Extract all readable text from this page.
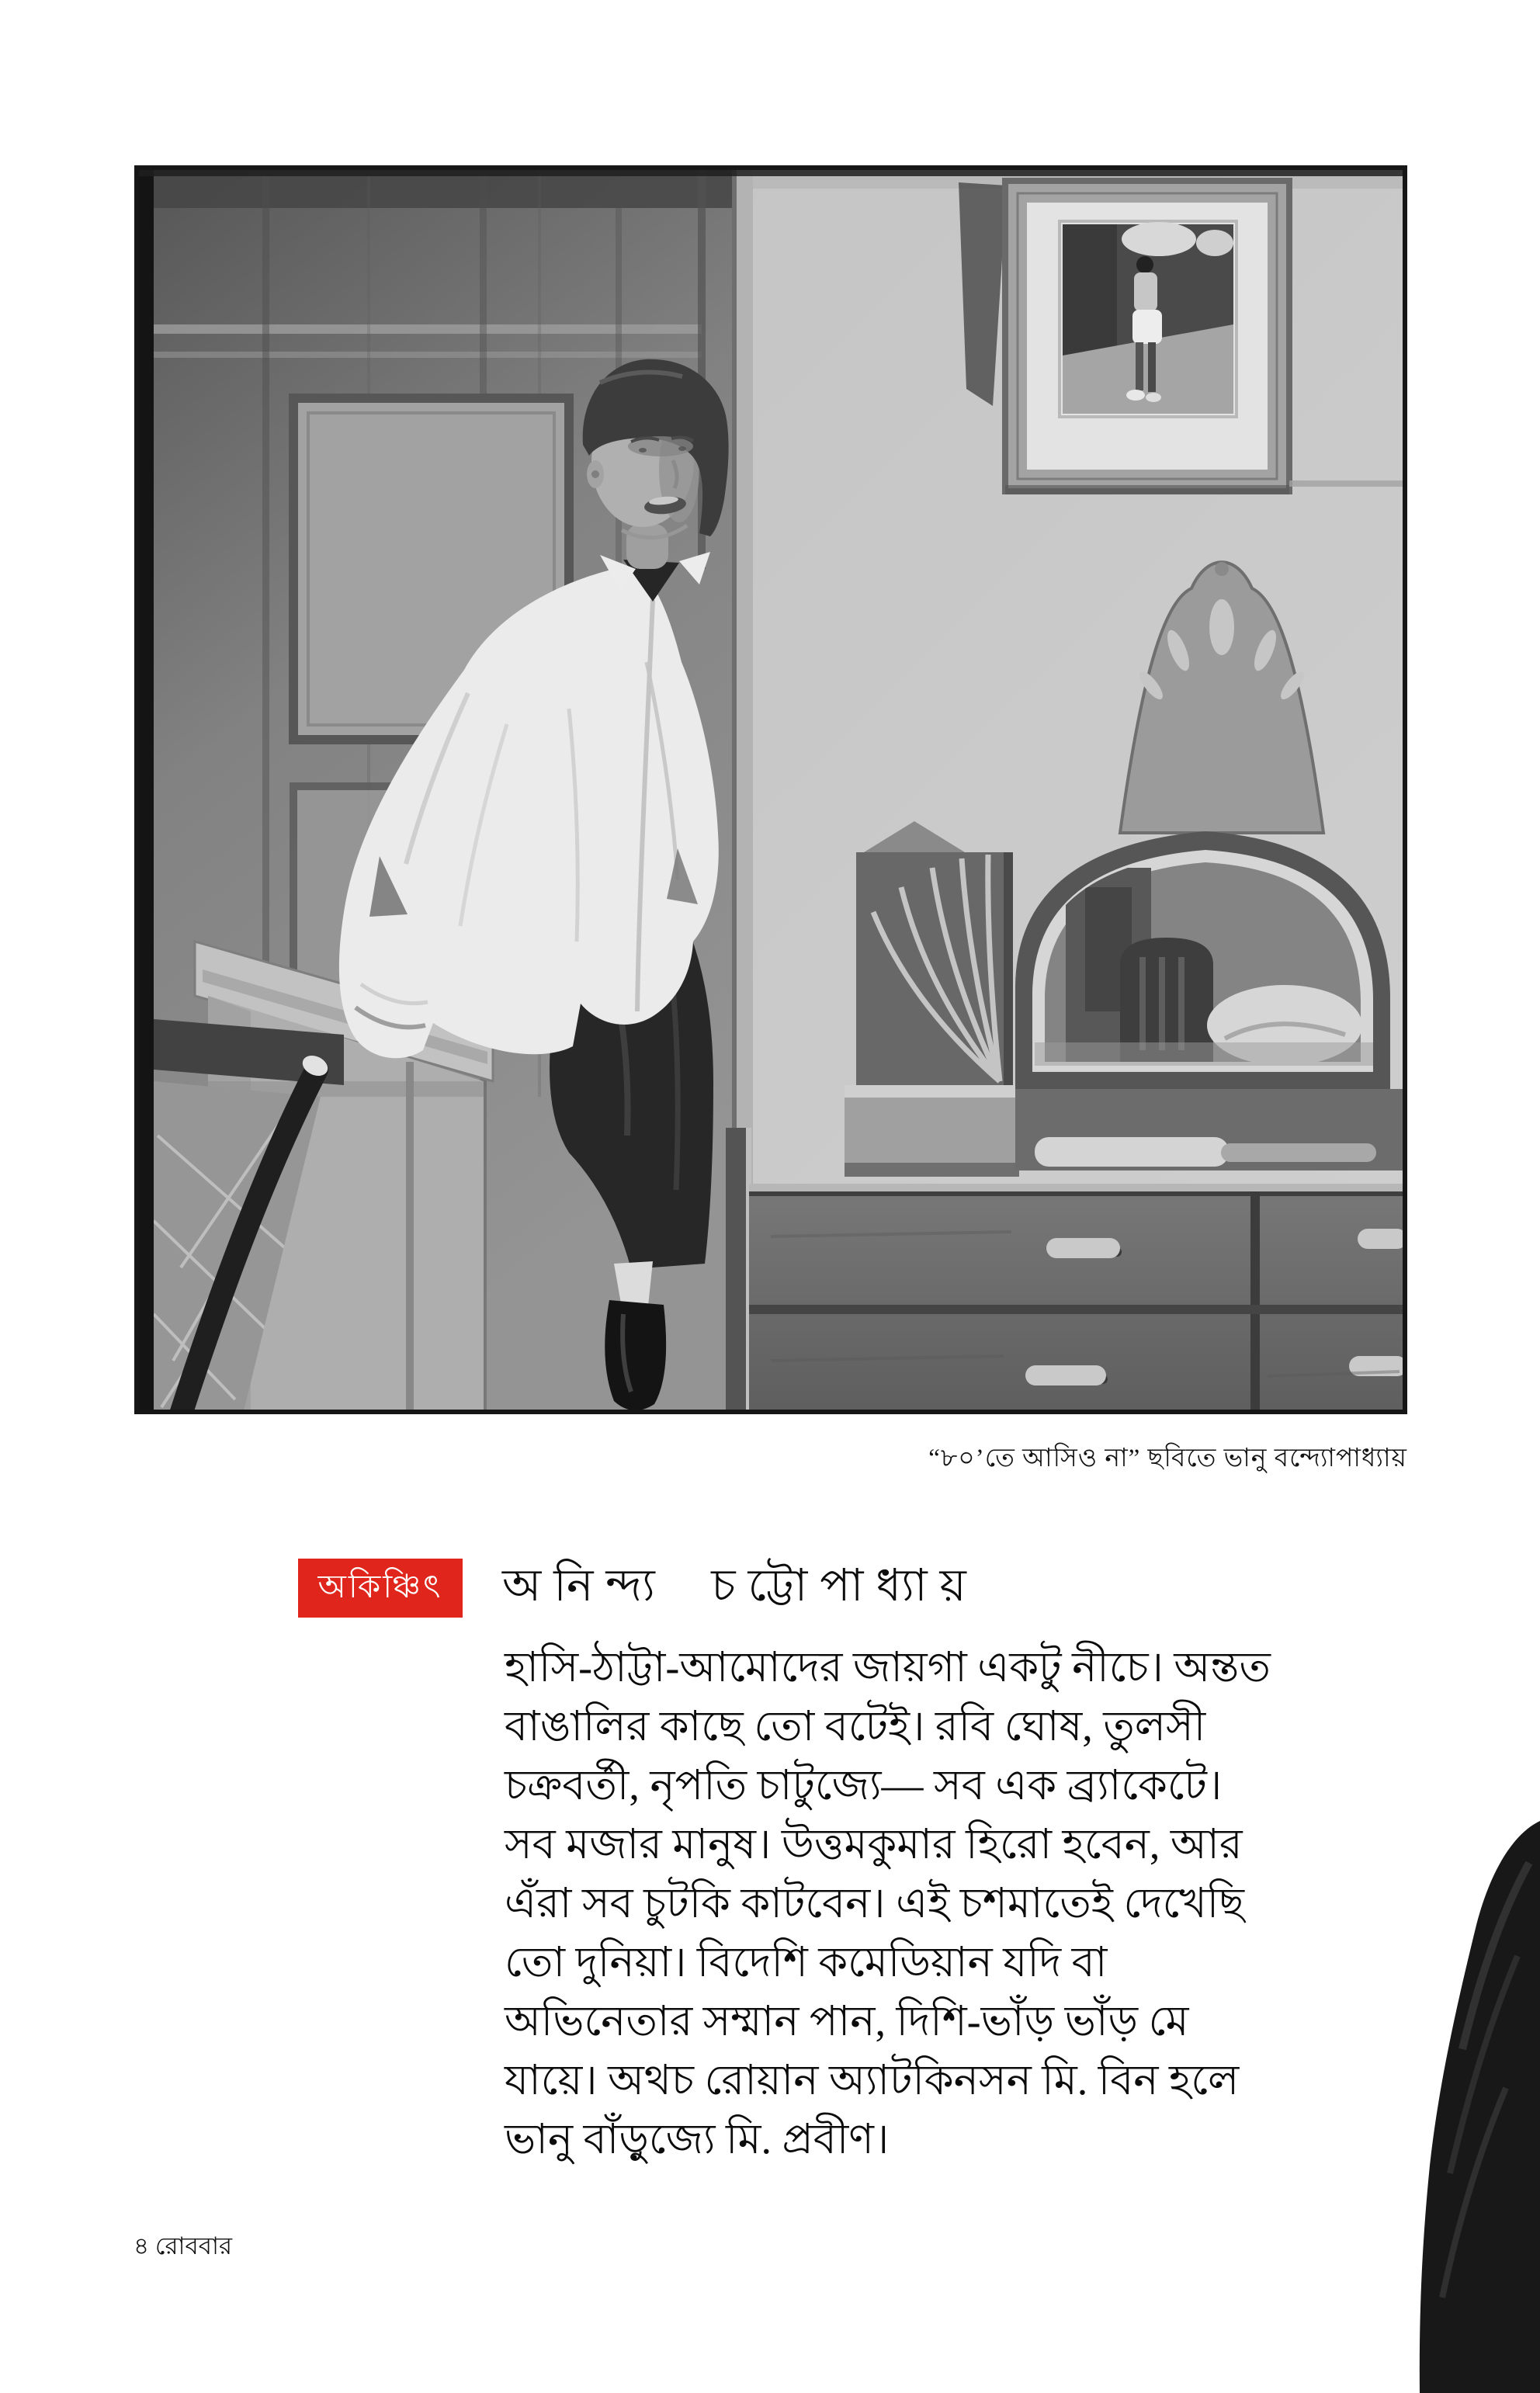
“৮০’তে আসিও না” ছবিতে ভানু বন্দ্যোপাধ্যায়
অকিঞ্চিৎ অনিন্দ্য চট্টোপাধ্যায়
হাসি-ঠাট্টা-আমোদের জায়গা একটু নীচে। অন্তত
বাঙালির কাছে তো বটেই। রবি ঘোষ, তুলসী
চক্রবর্তী, নৃপতি চাটুজ্যে— সব এক ব্র্যাকেটে।
সব মজার মানুষ। উত্তমকুমার হিরো হবেন, আর
এঁরা সব চুটকি কাটবেন। এই চশমাতেই দেখেছি
তো দুনিয়া। বিদেশি কমেডিয়ান যদি বা
অভিনেতার সম্মান পান, দিশি-ভাঁড় ভাঁড় মে
যায়ে। অথচ রোয়ান অ্যাটকিনসন মি. বিন হলে
ভানু বাঁড়ুজ্যে মি. প্রবীণ।
৪ রোববার
